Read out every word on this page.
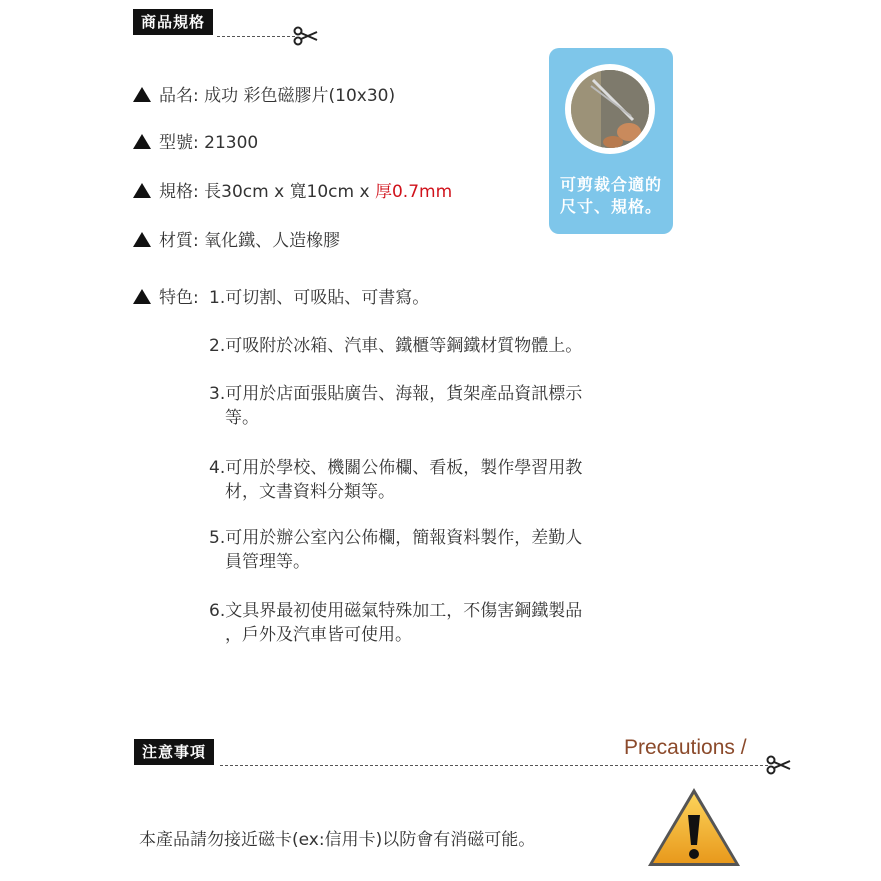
商品規格
品名: 成功 彩色磁膠片(10x30)
型號: 21300
規格: 長30cm x 寬10cm x 厚0.7mm
材質: 氧化鐵、人造橡膠
特色: 1.可切割、可吸貼、可書寫。
2.可吸附於冰箱、汽車、鐵櫃等鋼鐵材質物體上。
3.可用於店面張貼廣告、海報，貨架產品資訊標示
等。
4.可用於學校、機關公佈欄、看板，製作學習用教
材，文書資料分類等。
5.可用於辦公室內公佈欄，簡報資料製作，差勤人
員管理等。
6.文具界最初使用磁氣特殊加工，不傷害鋼鐵製品
，戶外及汽車皆可使用。
可剪裁合適的
尺寸、規格。
注意事項	Precautions /
本產品請勿接近磁卡(ex:信用卡)以防會有消磁可能。
